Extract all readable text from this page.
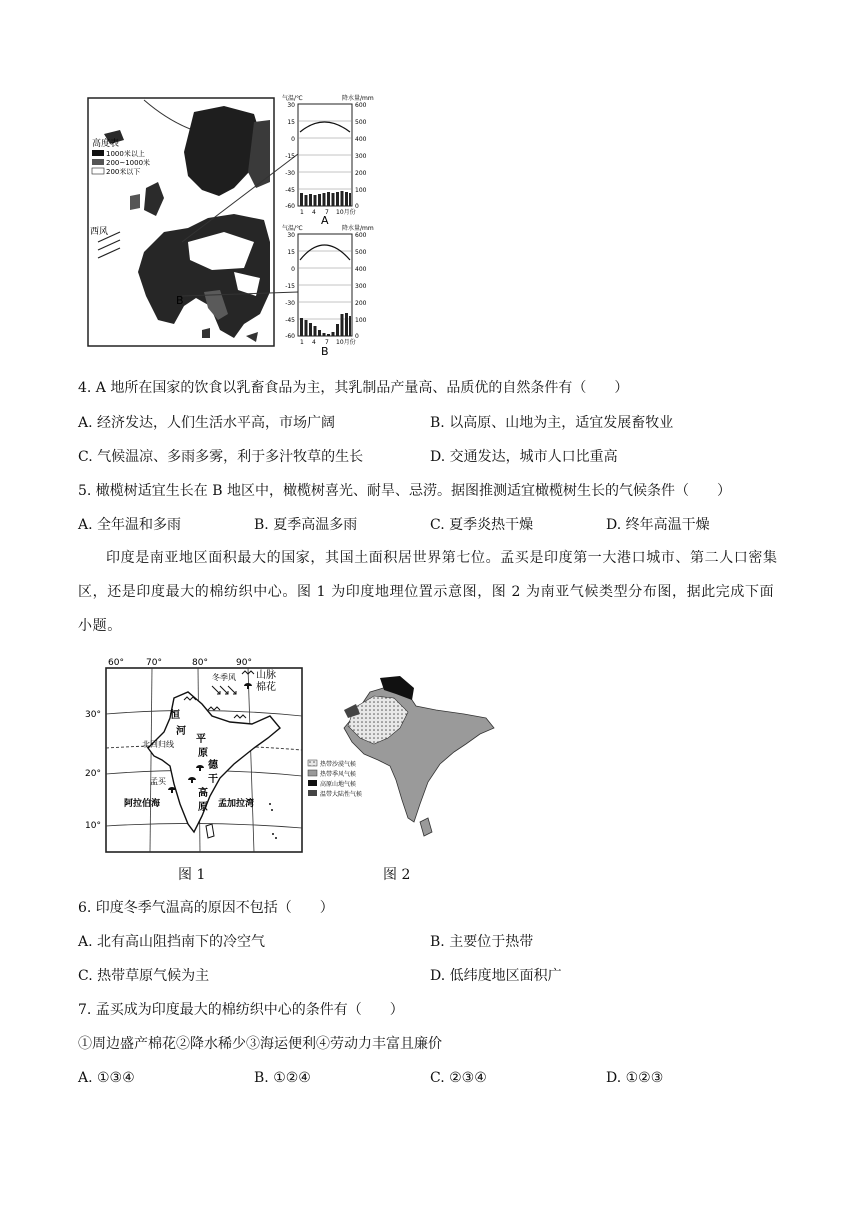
B
高度表
1000米以上
200~1000米
200米以下
西风
气温/℃	降水量/mm
30
15
0
-15
-30
-45
-60
600
500
400
300
200
100
0
1 4 7 10月份
A
气温/℃	降水量/mm
30
15
0
-15
-30
-45
-60
600
500
400
300
200
100
0
1 4 7 10月份
B
4. A 地所在国家的饮食以乳畜食品为主，其乳制品产量高、品质优的自然条件有（　　）
A. 经济发达，人们生活水平高，市场广阔	B. 以高原、山地为主，适宜发展畜牧业
C. 气候温凉、多雨多雾，利于多汁牧草的生长	D. 交通发达，城市人口比重高
5. 橄榄树适宜生长在 B 地区中，橄榄树喜光、耐旱、忌涝。据图推测适宜橄榄树生长的气候条件（　　）
A. 全年温和多雨	B. 夏季高温多雨	C. 夏季炎热干燥	D. 终年高温干燥
印度是南亚地区面积最大的国家，其国土面积居世界第七位。孟买是印度第一大港口城市、第二人口密集区，还是印度最大的棉纺织中心。图 1 为印度地理位置示意图，图 2 为南亚气候类型分布图，据此完成下面小题。
60° 70°	80°	90°
30°
20°
10°
山脉
棉花
冬季风
北回归线
恒
河
平
原
德
干
高
原
孟买
阿拉伯海	孟加拉湾
热带沙漠气候
热带季风气候
高原山地气候
温带大陆性气候
图 1	图 2
6. 印度冬季气温高的原因不包括（　　）
A. 北有高山阻挡南下的冷空气	B. 主要位于热带
C. 热带草原气候为主	D. 低纬度地区面积广
7. 孟买成为印度最大的棉纺织中心的条件有（　　）
①周边盛产棉花②降水稀少③海运便利④劳动力丰富且廉价
A. ①③④	B. ①②④	C. ②③④	D. ①②③
